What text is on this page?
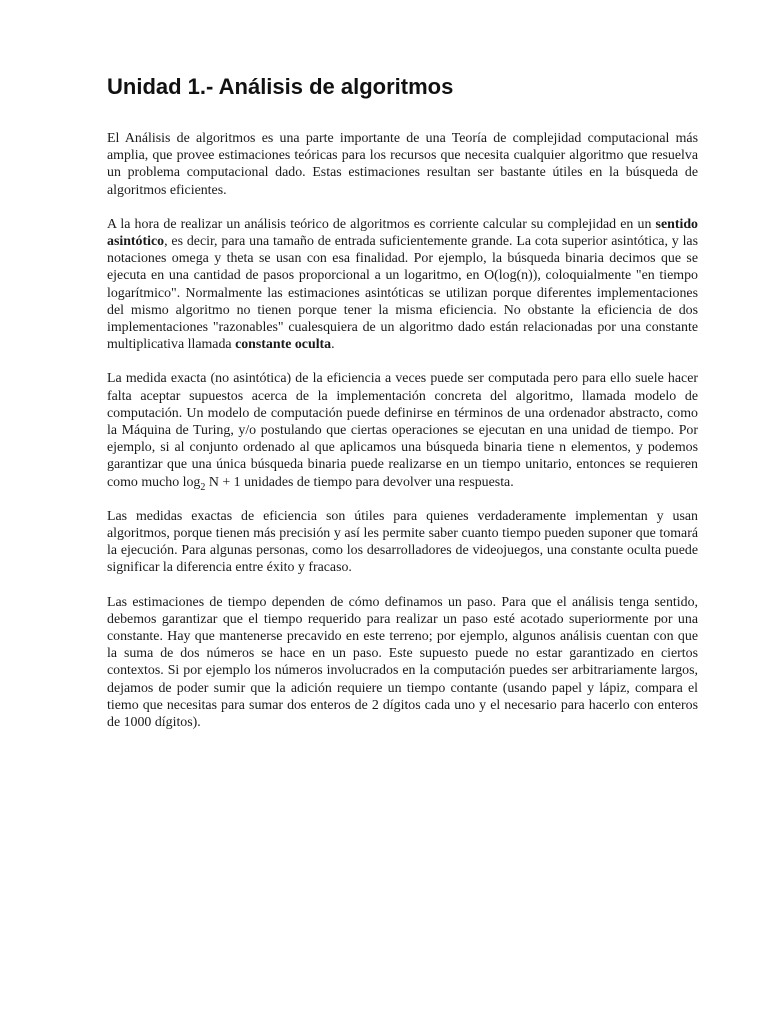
Unidad 1.- Análisis de algoritmos

El Análisis de algoritmos es una parte importante de una Teoría de complejidad computacional más amplia, que provee estimaciones teóricas para los recursos que necesita cualquier algoritmo que resuelva un problema computacional dado. Estas estimaciones resultan ser bastante útiles en la búsqueda de algoritmos eficientes.

A la hora de realizar un análisis teórico de algoritmos es corriente calcular su complejidad en un sentido asintótico, es decir, para una tamaño de entrada suficientemente grande. La cota superior asintótica, y las notaciones omega y theta se usan con esa finalidad. Por ejemplo, la búsqueda binaria decimos que se ejecuta en una cantidad de pasos proporcional a un logaritmo, en O(log(n)), coloquialmente "en tiempo logarítmico". Normalmente las estimaciones asintóticas se utilizan porque diferentes implementaciones del mismo algoritmo no tienen porque tener la misma eficiencia. No obstante la eficiencia de dos implementaciones "razonables" cualesquiera de un algoritmo dado están relacionadas por una constante multiplicativa llamada constante oculta.

La medida exacta (no asintótica) de la eficiencia a veces puede ser computada pero para ello suele hacer falta aceptar supuestos acerca de la implementación concreta del algoritmo, llamada modelo de computación. Un modelo de computación puede definirse en términos de una ordenador abstracto, como la Máquina de Turing, y/o postulando que ciertas operaciones se ejecutan en una unidad de tiempo. Por ejemplo, si al conjunto ordenado al que aplicamos una búsqueda binaria tiene n elementos, y podemos garantizar que una única búsqueda binaria puede realizarse en un tiempo unitario, entonces se requieren como mucho $\log_2 N + 1$ unidades de tiempo para devolver una respuesta.

Las medidas exactas de eficiencia son útiles para quienes verdaderamente implementan y usan algoritmos, porque tienen más precisión y así les permite saber cuanto tiempo pueden suponer que tomará la ejecución. Para algunas personas, como los desarrolladores de videojuegos, una constante oculta puede significar la diferencia entre éxito y fracaso.

Las estimaciones de tiempo dependen de cómo definamos un paso. Para que el análisis tenga sentido, debemos garantizar que el tiempo requerido para realizar un paso esté acotado superiormente por una constante. Hay que mantenerse precavido en este terreno; por ejemplo, algunos análisis cuentan con que la suma de dos números se hace en un paso. Este supuesto puede no estar garantizado en ciertos contextos. Si por ejemplo los números involucrados en la computación puedes ser arbitrariamente largos, dejamos de poder sumir que la adición requiere un tiempo contante (usando papel y lápiz, compara el tiemo que necesitas para sumar dos enteros de 2 dígitos cada uno y el necesario para hacerlo con enteros de 1000 dígitos).
